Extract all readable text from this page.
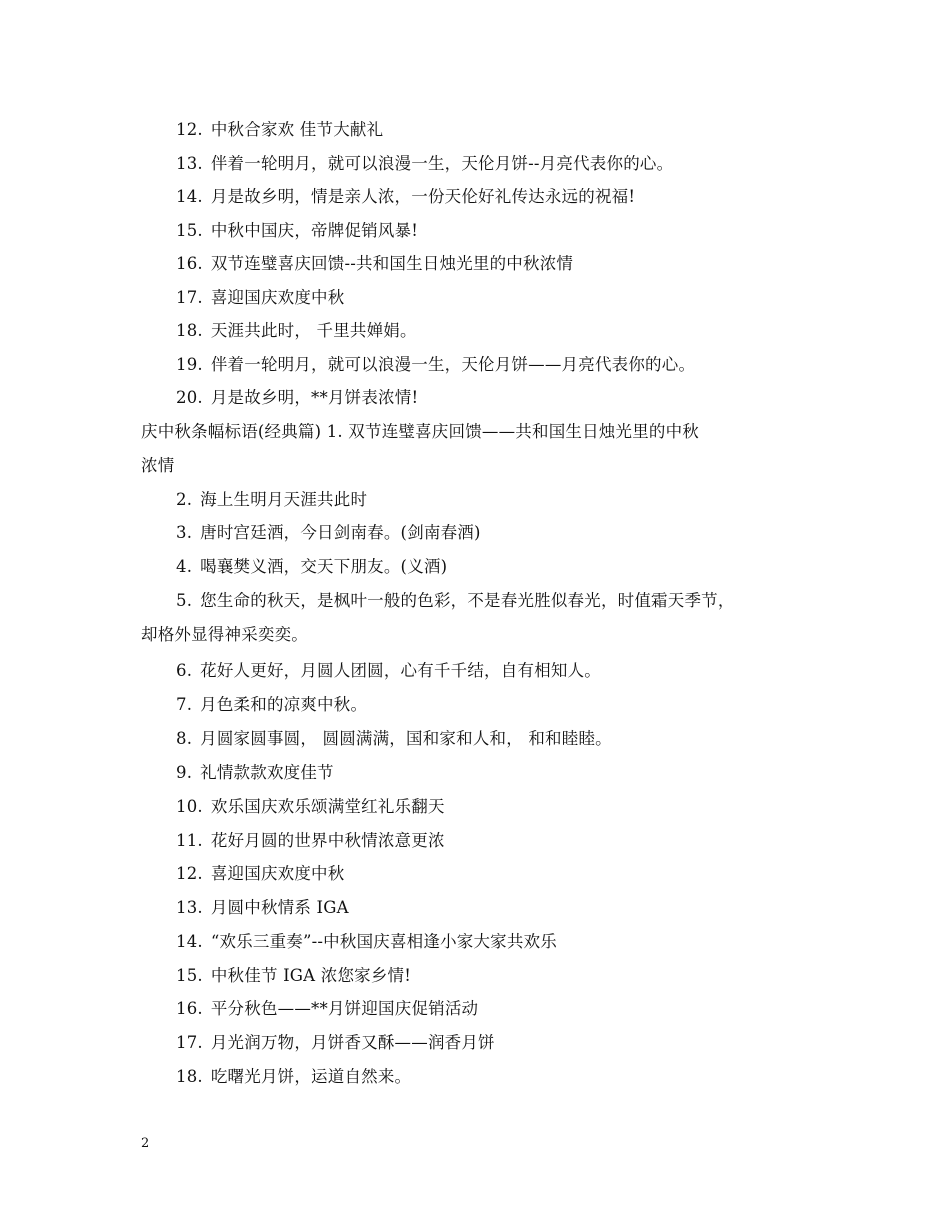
12. 中秋合家欢 佳节大献礼
13. 伴着一轮明月，就可以浪漫一生，天伦月饼--月亮代表你的心。
14. 月是故乡明，情是亲人浓，一份天伦好礼传达永远的祝福!
15. 中秋中国庆，帝牌促销风暴!
16. 双节连璧喜庆回馈--共和国生日烛光里的中秋浓情
17. 喜迎国庆欢度中秋
18. 天涯共此时， 千里共婵娟。
19. 伴着一轮明月，就可以浪漫一生，天伦月饼——月亮代表你的心。
20. 月是故乡明，**月饼表浓情!
庆中秋条幅标语(经典篇) 1. 双节连璧喜庆回馈——共和国生日烛光里的中秋
浓情
2. 海上生明月天涯共此时
3. 唐时宫廷酒，今日剑南春。(剑南春酒)
4. 喝襄樊义酒，交天下朋友。(义酒)
5. 您生命的秋天，是枫叶一般的色彩，不是春光胜似春光，时值霜天季节，
却格外显得神采奕奕。
6. 花好人更好，月圆人团圆，心有千千结，自有相知人。
7. 月色柔和的凉爽中秋。
8. 月圆家圆事圆， 圆圆满满，国和家和人和， 和和睦睦。
9. 礼情款款欢度佳节
10. 欢乐国庆欢乐颂满堂红礼乐翻天
11. 花好月圆的世界中秋情浓意更浓
12. 喜迎国庆欢度中秋
13. 月圆中秋情系 IGA
14. “欢乐三重奏”--中秋国庆喜相逢小家大家共欢乐
15. 中秋佳节 IGA 浓您家乡情!
16. 平分秋色——**月饼迎国庆促销活动
17. 月光润万物，月饼香又酥——润香月饼
18. 吃曙光月饼，运道自然来。
2
